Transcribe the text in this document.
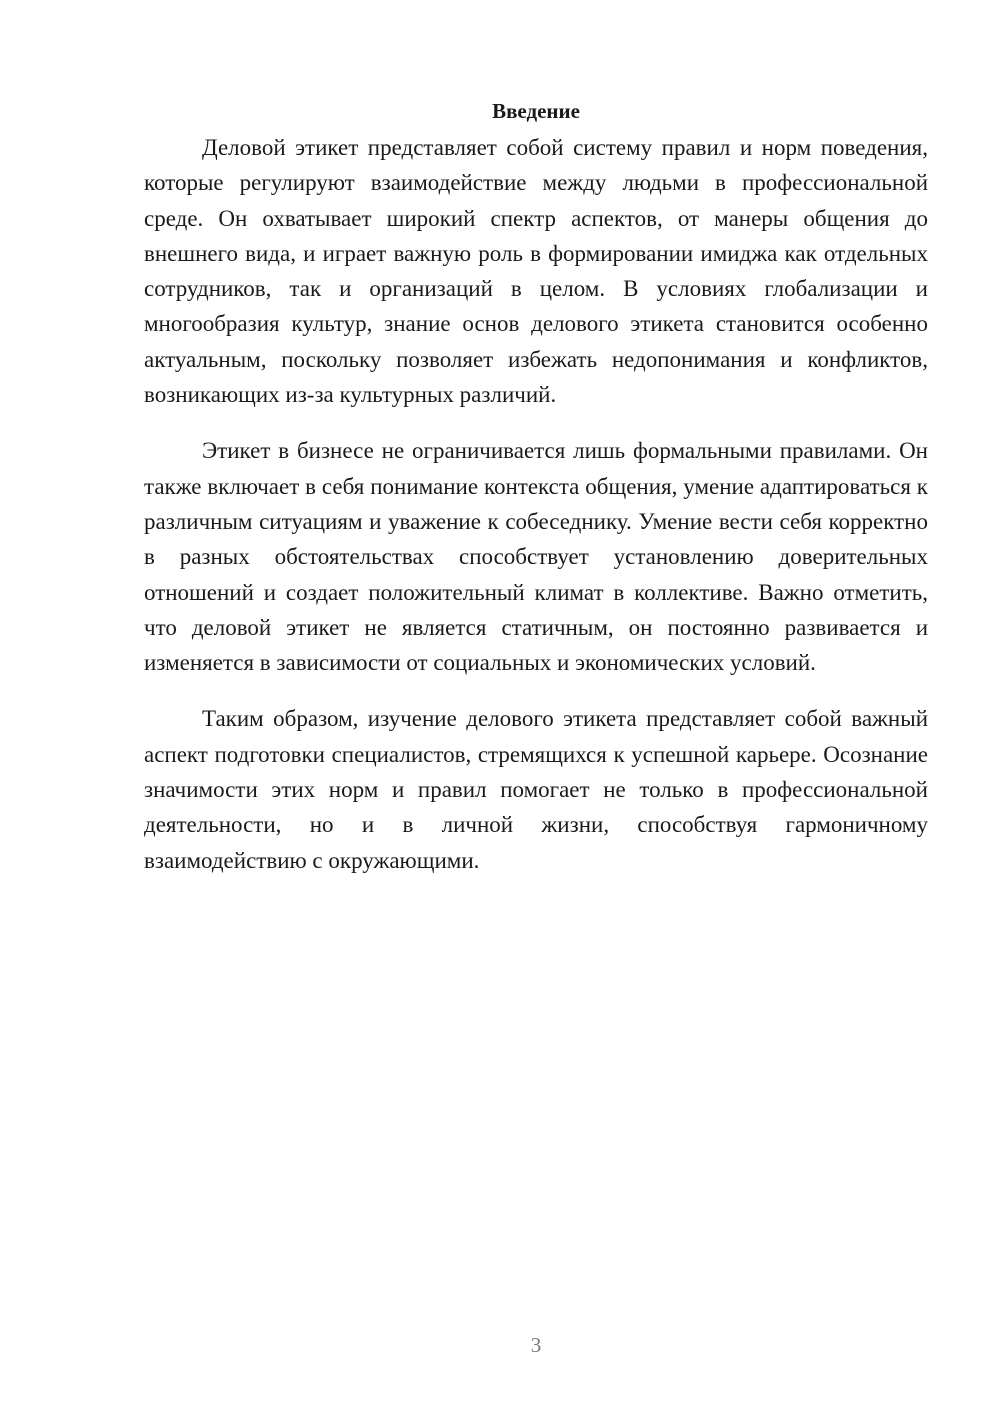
Введение

Деловой этикет представляет собой систему правил и норм поведения, которые регулируют взаимодействие между людьми в профессиональной среде. Он охватывает широкий спектр аспектов, от манеры общения до внешнего вида, и играет важную роль в формировании имиджа как отдельных сотрудников, так и организаций в целом. В условиях глобализации и многообразия культур, знание основ делового этикета становится особенно актуальным, поскольку позволяет избежать недопонимания и конфликтов, возникающих из-за культурных различий.

Этикет в бизнесе не ограничивается лишь формальными правилами. Он также включает в себя понимание контекста общения, умение адаптироваться к различным ситуациям и уважение к собеседнику. Умение вести себя корректно в разных обстоятельствах способствует установлению доверительных отношений и создает положительный климат в коллективе. Важно отметить, что деловой этикет не является статичным, он постоянно развивается и изменяется в зависимости от социальных и экономических условий.

Таким образом, изучение делового этикета представляет собой важный аспект подготовки специалистов, стремящихся к успешной карьере. Осознание значимости этих норм и правил помогает не только в профессиональной деятельности, но и в личной жизни, способствуя гармоничному взаимодействию с окружающими.

3
